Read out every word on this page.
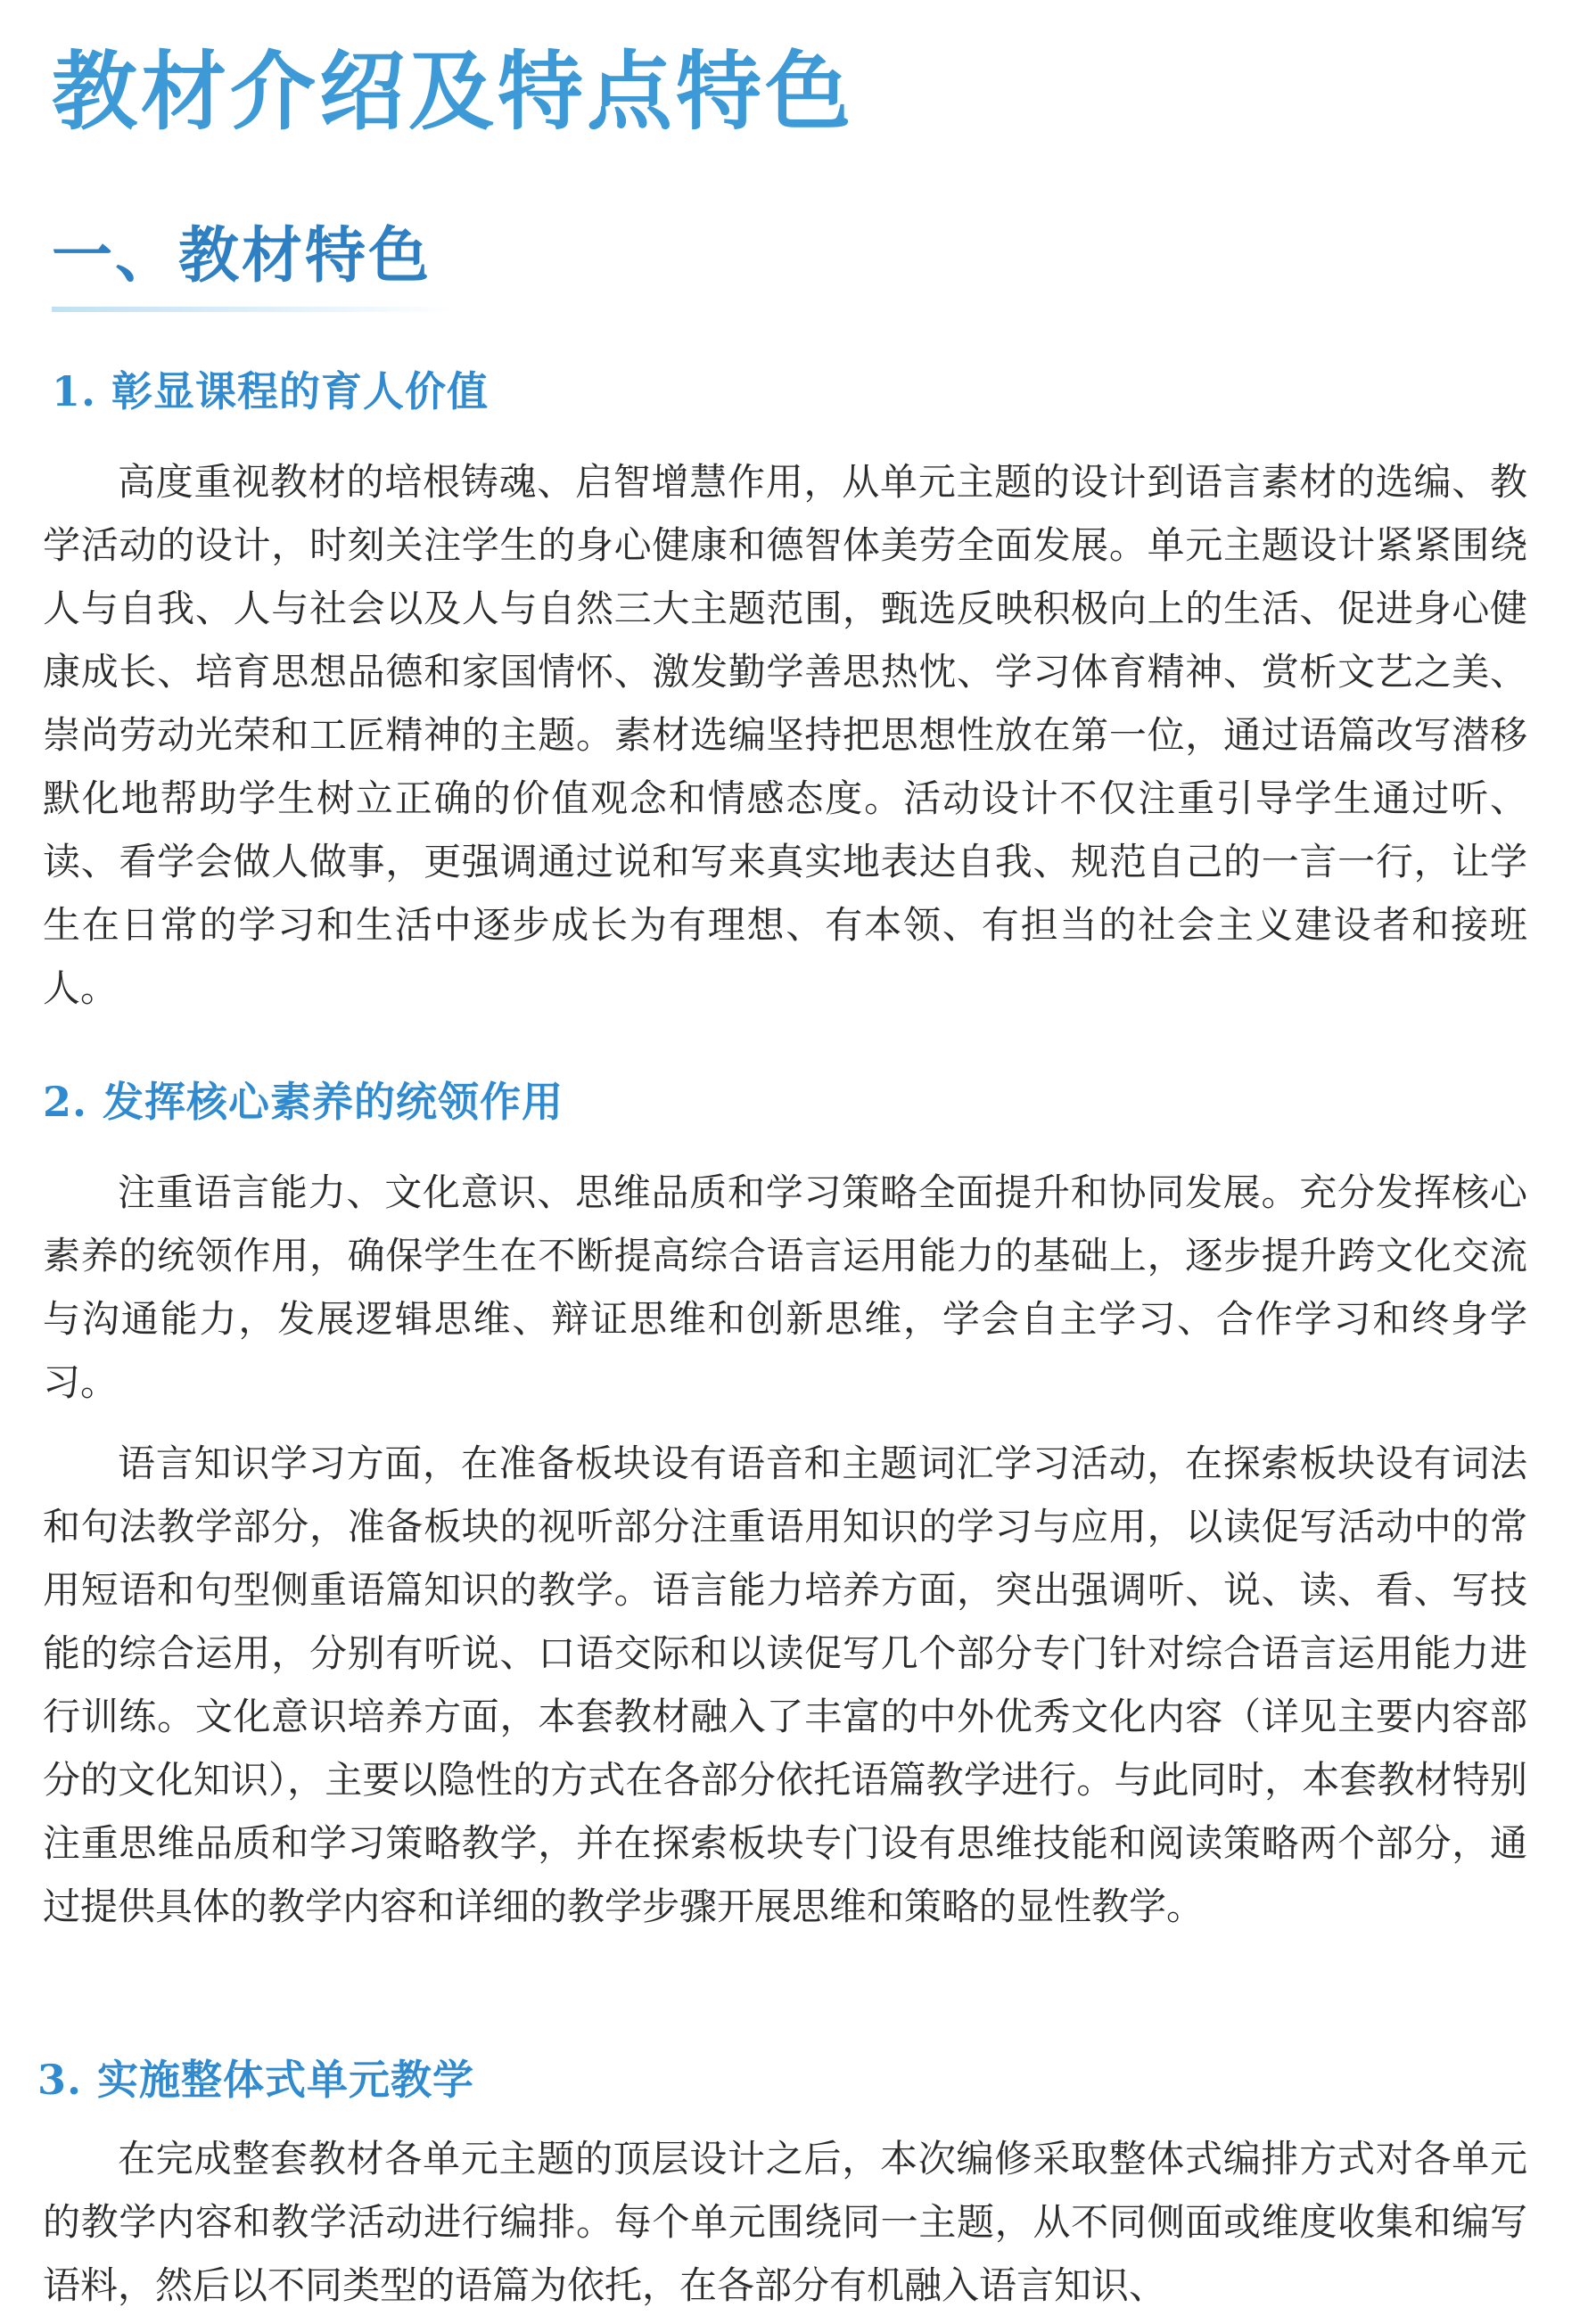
教材介绍及特点特色
一、教材特色
1. 彰显课程的育人价值

高度重视教材的培根铸魂、启智增慧作用，从单元主题的设计到语言素材的选编、教学活动的设计，时刻关注学生的身心健康和德智体美劳全面发展。单元主题设计紧紧围绕人与自我、人与社会以及人与自然三大主题范围，甄选反映积极向上的生活、促进身心健康成长、培育思想品德和家国情怀、激发勤学善思热忱、学习体育精神、赏析文艺之美、崇尚劳动光荣和工匠精神的主题。素材选编坚持把思想性放在第一位，通过语篇改写潜移默化地帮助学生树立正确的价值观念和情感态度。活动设计不仅注重引导学生通过听、读、看学会做人做事，更强调通过说和写来真实地表达自我、规范自己的一言一行，让学生在日常的学习和生活中逐步成长为有理想、有本领、有担当的社会主义建设者和接班人。

2. 发挥核心素养的统领作用

注重语言能力、文化意识、思维品质和学习策略全面提升和协同发展。充分发挥核心素养的统领作用，确保学生在不断提高综合语言运用能力的基础上，逐步提升跨文化交流与沟通能力，发展逻辑思维、辩证思维和创新思维，学会自主学习、合作学习和终身学习。

语言知识学习方面，在准备板块设有语音和主题词汇学习活动，在探索板块设有词法和句法教学部分，准备板块的视听部分注重语用知识的学习与应用，以读促写活动中的常用短语和句型侧重语篇知识的教学。语言能力培养方面，突出强调听、说、读、看、写技能的综合运用，分别有听说、口语交际和以读促写几个部分专门针对综合语言运用能力进行训练。文化意识培养方面，本套教材融入了丰富的中外优秀文化内容（详见主要内容部分的文化知识），主要以隐性的方式在各部分依托语篇教学进行。与此同时，本套教材特别注重思维品质和学习策略教学，并在探索板块专门设有思维技能和阅读策略两个部分，通过提供具体的教学内容和详细的教学步骤开展思维和策略的显性教学。

3. 实施整体式单元教学

在完成整套教材各单元主题的顶层设计之后，本次编修采取整体式编排方式对各单元的教学内容和教学活动进行编排。每个单元围绕同一主题，从不同侧面或维度收集和编写语料，然后以不同类型的语篇为依托，在各部分有机融入语言知识、
